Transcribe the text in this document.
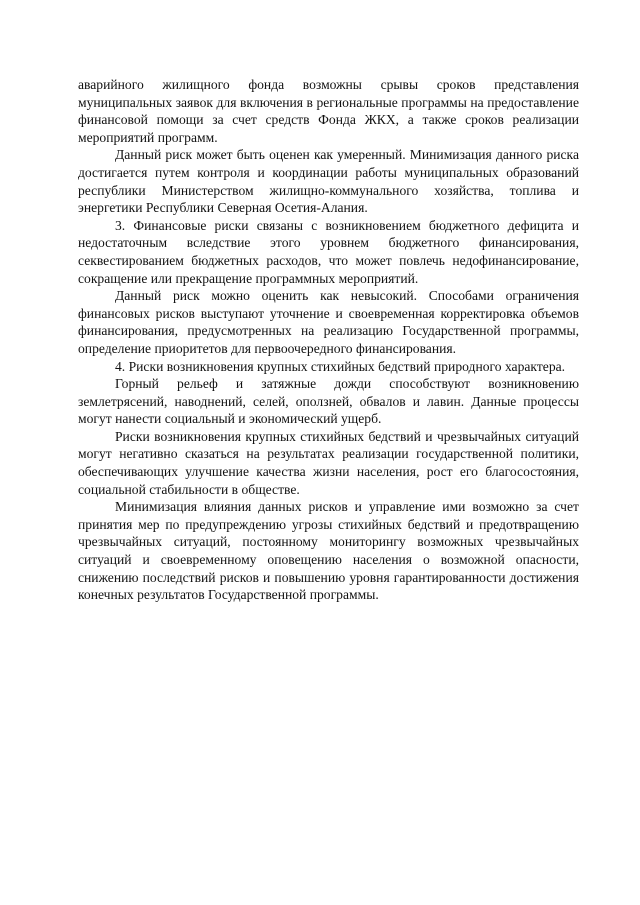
аварийного жилищного фонда возможны срывы сроков представления муниципальных заявок для включения в региональные программы на предоставление финансовой помощи за счет средств Фонда ЖКХ, а также сроков реализации мероприятий программ.

Данный риск может быть оценен как умеренный. Минимизация данного риска достигается путем контроля и координации работы муниципальных образований республики Министерством жилищно-коммунального хозяйства, топлива и энергетики Республики Северная Осетия-Алания.

3. Финансовые риски связаны с возникновением бюджетного дефицита и недостаточным вследствие этого уровнем бюджетного финансирования, секвестированием бюджетных расходов, что может повлечь недофинансирование, сокращение или прекращение программных мероприятий.

Данный риск можно оценить как невысокий. Способами ограничения финансовых рисков выступают уточнение и своевременная корректировка объемов финансирования, предусмотренных на реализацию Государственной программы, определение приоритетов для первоочередного финансирования.

4. Риски возникновения крупных стихийных бедствий природного характера.

Горный рельеф и затяжные дожди способствуют возникновению землетрясений, наводнений, селей, оползней, обвалов и лавин. Данные процессы могут нанести социальный и экономический ущерб.

Риски возникновения крупных стихийных бедствий и чрезвычайных ситуаций могут негативно сказаться на результатах реализации государственной политики, обеспечивающих улучшение качества жизни населения, рост его благосостояния, социальной стабильности в обществе.

Минимизация влияния данных рисков и управление ими возможно за счет принятия мер по предупреждению угрозы стихийных бедствий и предотвращению чрезвычайных ситуаций, постоянному мониторингу возможных чрезвычайных ситуаций и своевременному оповещению населения о возможной опасности, снижению последствий рисков и повышению уровня гарантированности достижения конечных результатов Государственной программы.
